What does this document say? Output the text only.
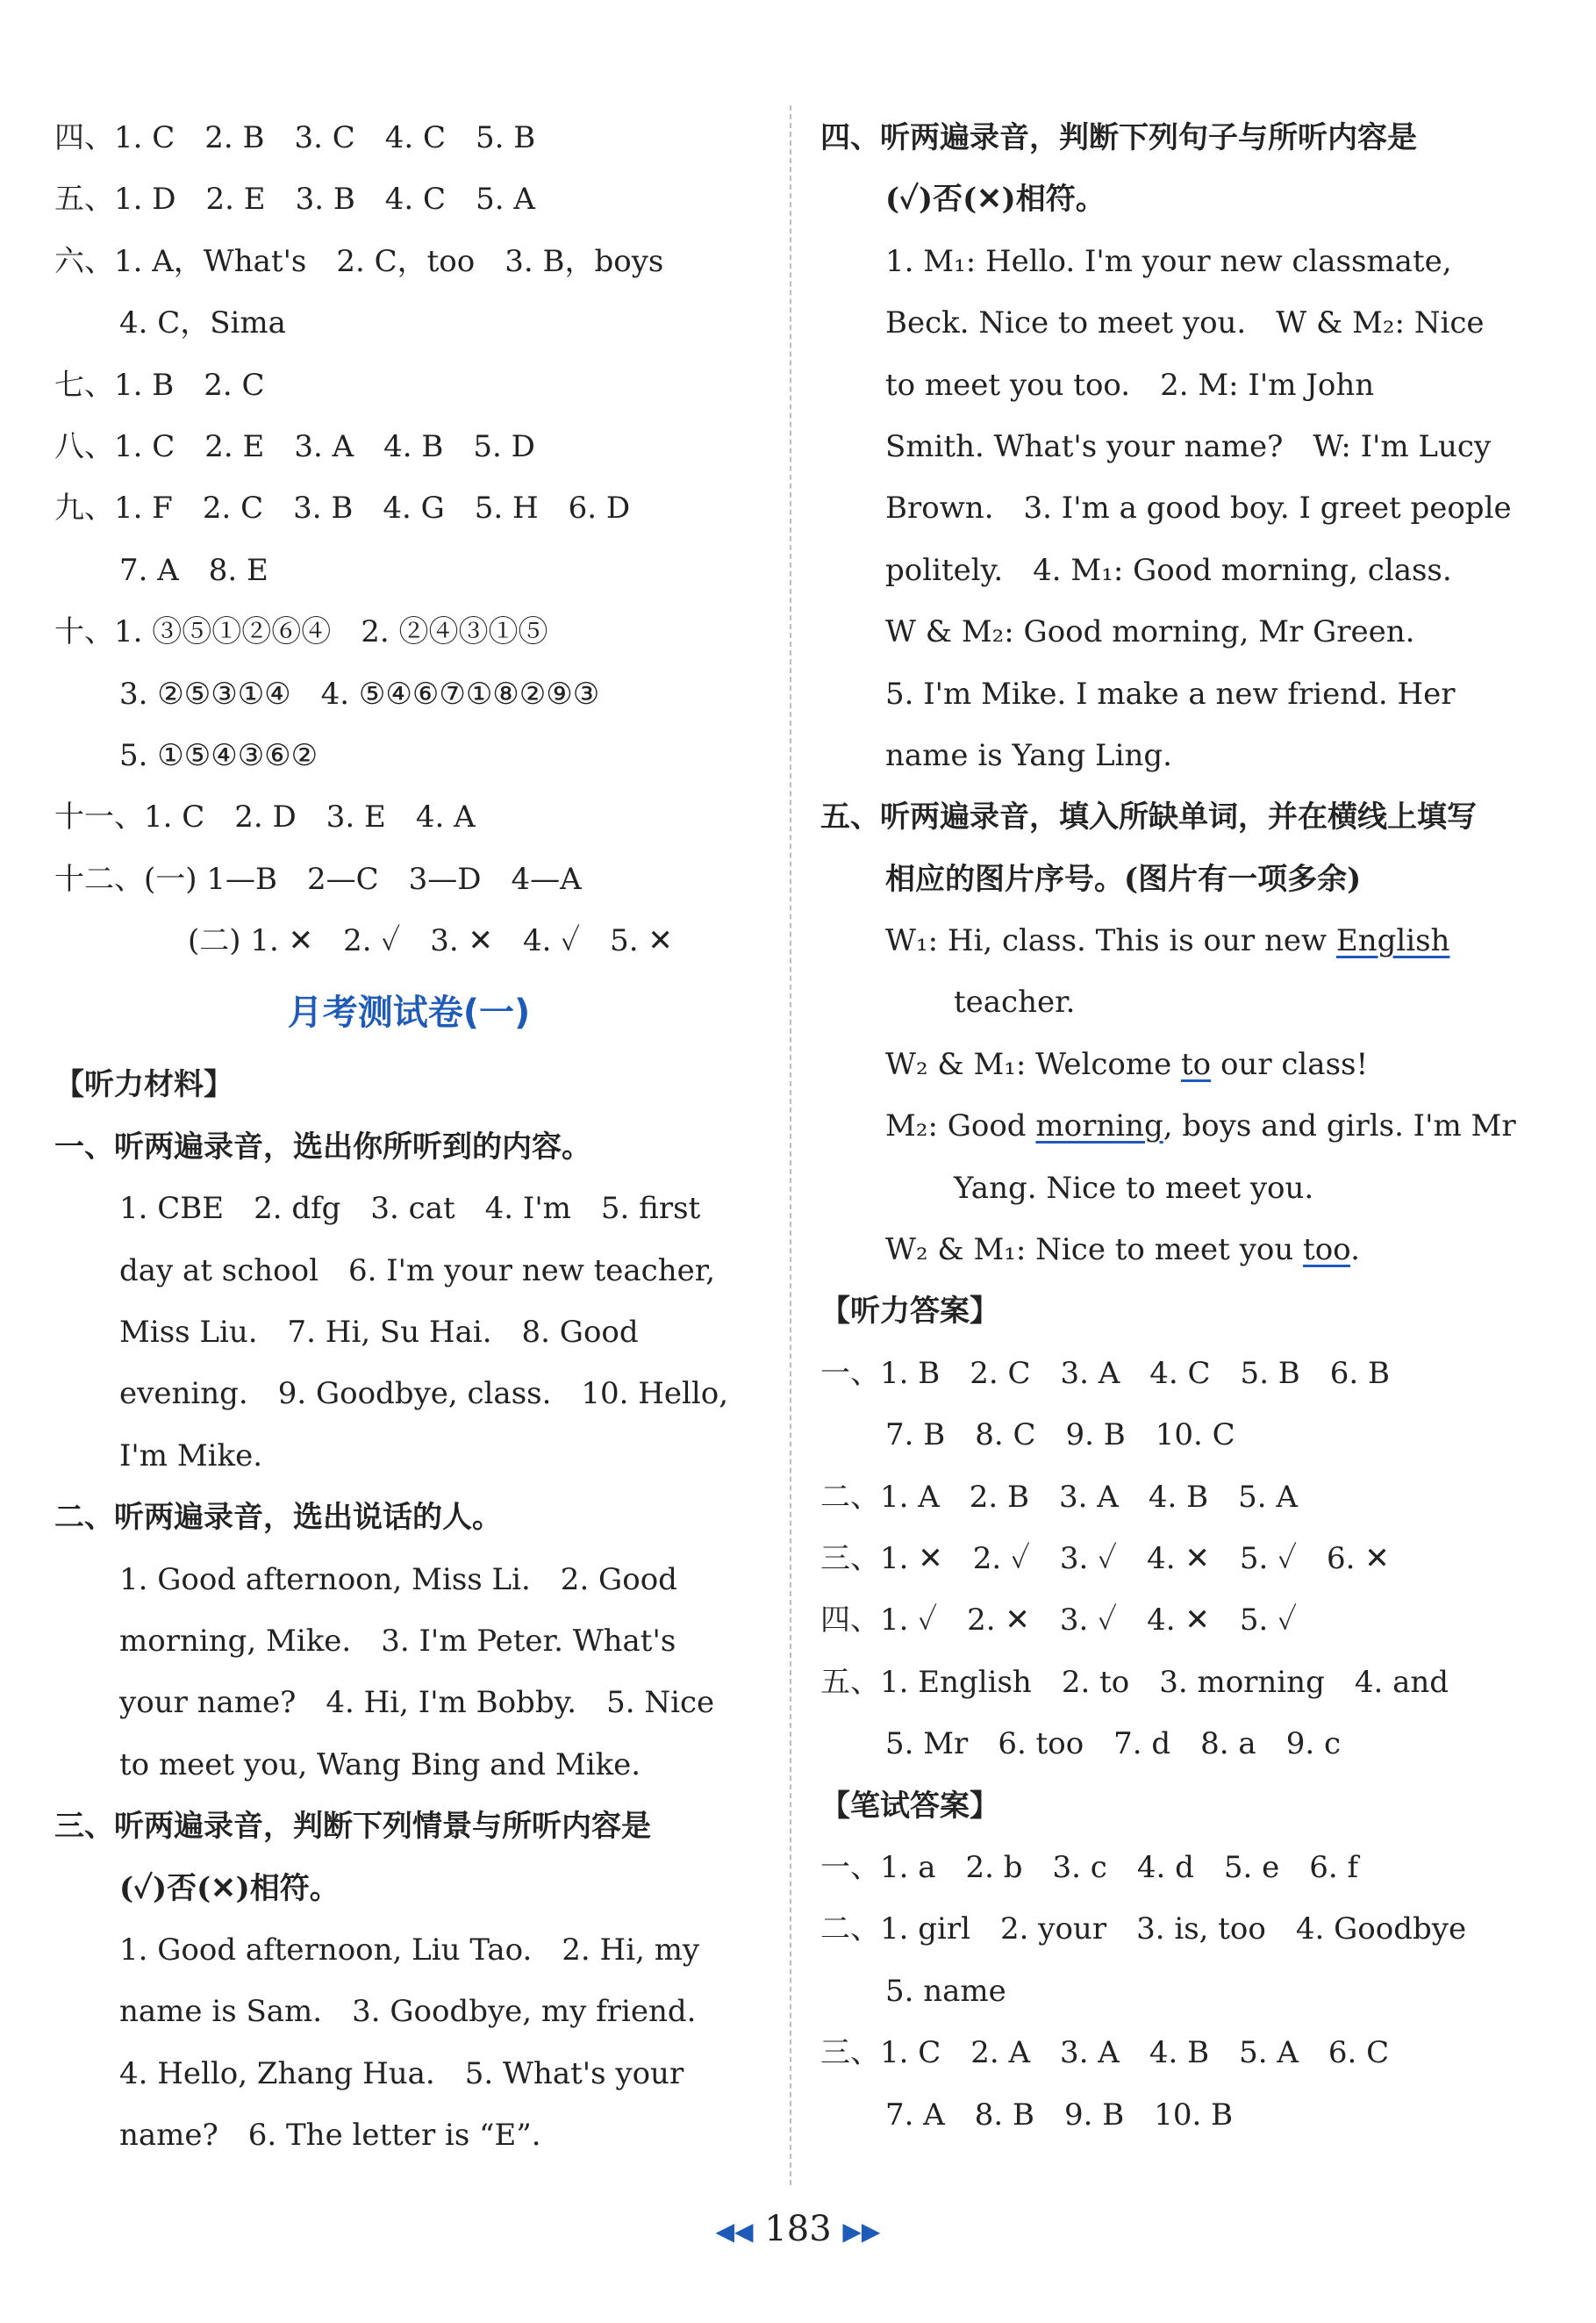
四、1. C　2. B　3. C　4. C　5. B
五、1. D　2. E　3. B　4. C　5. A
六、1. A，What's　2. C，too　3. B，boys
4. C，Sima
七、1. B　2. C
八、1. C　2. E　3. A　4. B　5. D
九、1. F　2. C　3. B　4. G　5. H　6. D
7. A　8. E
十、1. ③⑤①②⑥④　2. ②④③①⑤
3. ②⑤③①④　4. ⑤④⑥⑦①⑧②⑨③
5. ①⑤④③⑥②
十一、1. C　2. D　3. E　4. A
十二、(一) 1—B　2—C　3—D　4—A
(二) 1. ✕　2. ✓　3. ✕　4. ✓　5. ✕
月考测试卷(一)
【听力材料】
一、听两遍录音，选出你所听到的内容。
1. CBE　2. dfg　3. cat　4. I'm　5. first
day at school　6. I'm your new teacher,
Miss Liu.　7. Hi, Su Hai.　8. Good
evening.　9. Goodbye, class.　10. Hello,
I'm Mike.
二、听两遍录音，选出说话的人。
1. Good afternoon, Miss Li.　2. Good
morning, Mike.　3. I'm Peter. What's
your name?　4. Hi, I'm Bobby.　5. Nice
to meet you, Wang Bing and Mike.
三、听两遍录音，判断下列情景与所听内容是
(✓)否(✕)相符。
1. Good afternoon, Liu Tao.　2. Hi, my
name is Sam.　3. Goodbye, my friend.
4. Hello, Zhang Hua.　5. What's your
name?　6. The letter is “E”.
四、听两遍录音，判断下列句子与所听内容是
(✓)否(✕)相符。
1. M₁: Hello. I'm your new classmate,
Beck. Nice to meet you.　W & M₂: Nice
to meet you too.　2. M: I'm John
Smith. What's your name?　W: I'm Lucy
Brown.　3. I'm a good boy. I greet people
politely.　4. M₁: Good morning, class.
W & M₂: Good morning, Mr Green.
5. I'm Mike. I make a new friend. Her
name is Yang Ling.
五、听两遍录音，填入所缺单词，并在横线上填写
相应的图片序号。(图片有一项多余)
W₁: Hi, class. This is our new English
teacher.
W₂ & M₁: Welcome to our class!
M₂: Good morning, boys and girls. I'm Mr
Yang. Nice to meet you.
W₂ & M₁: Nice to meet you too.
【听力答案】
一、1. B　2. C　3. A　4. C　5. B　6. B
7. B　8. C　9. B　10. C
二、1. A　2. B　3. A　4. B　5. A
三、1. ✕　2. ✓　3. ✓　4. ✕　5. ✓　6. ✕
四、1. ✓　2. ✕　3. ✓　4. ✕　5. ✓
五、1. English　2. to　3. morning　4. and
5. Mr　6. too　7. d　8. a　9. c
【笔试答案】
一、1. a　2. b　3. c　4. d　5. e　6. f
二、1. girl　2. your　3. is, too　4. Goodbye
5. name
三、1. C　2. A　3. A　4. B　5. A　6. C
7. A　8. B　9. B　10. B
◀◀ 183 ▶▶
